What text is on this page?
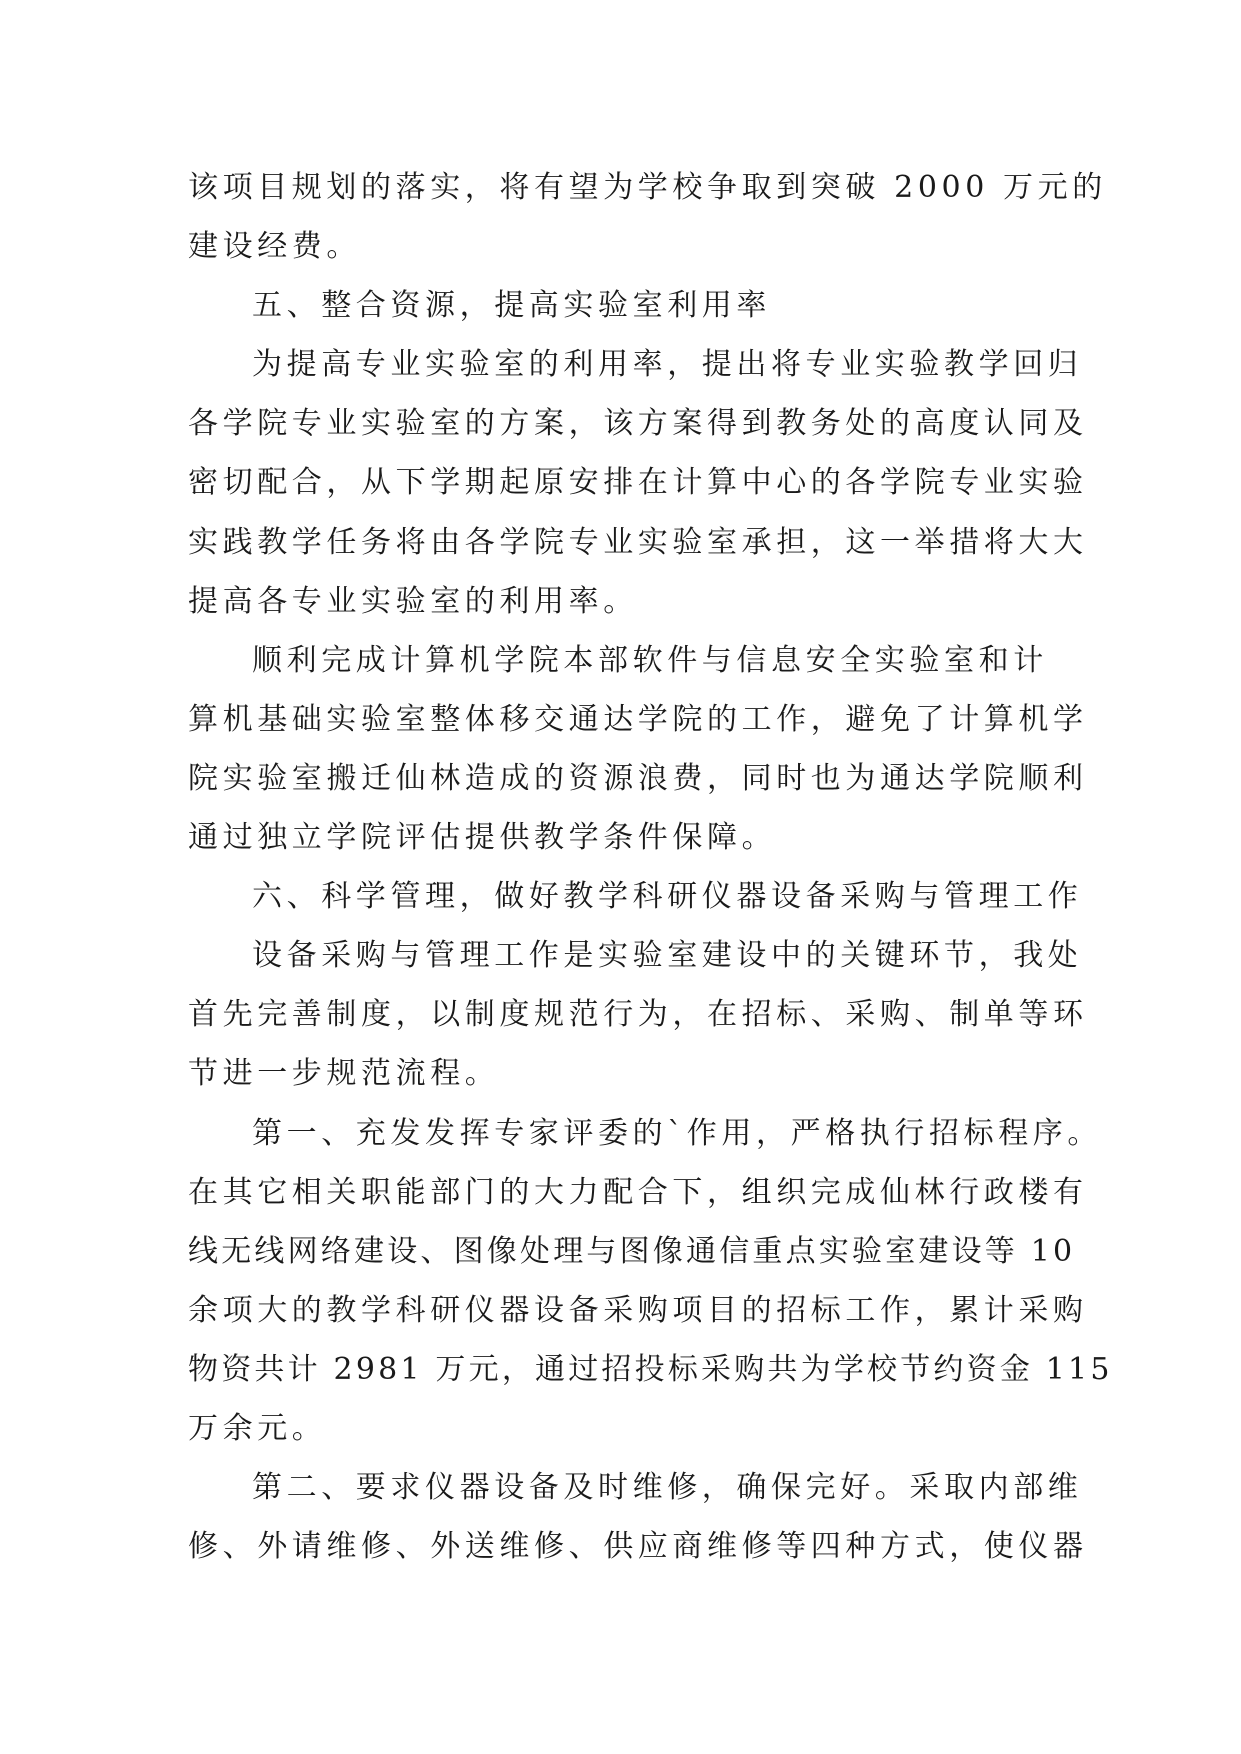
该项目规划的落实，将有望为学校争取到突破 2000 万元的
建设经费。
五、整合资源，提高实验室利用率
为提高专业实验室的利用率，提出将专业实验教学回归
各学院专业实验室的方案，该方案得到教务处的高度认同及
密切配合，从下学期起原安排在计算中心的各学院专业实验
实践教学任务将由各学院专业实验室承担，这一举措将大大
提高各专业实验室的利用率。
顺利完成计算机学院本部软件与信息安全实验室和计
算机基础实验室整体移交通达学院的工作，避免了计算机学
院实验室搬迁仙林造成的资源浪费，同时也为通达学院顺利
通过独立学院评估提供教学条件保障。
六、科学管理，做好教学科研仪器设备采购与管理工作
设备采购与管理工作是实验室建设中的关键环节，我处
首先完善制度，以制度规范行为，在招标、采购、制单等环
节进一步规范流程。
第一、充发发挥专家评委的`作用，严格执行招标程序。
在其它相关职能部门的大力配合下，组织完成仙林行政楼有
线无线网络建设、图像处理与图像通信重点实验室建设等 10
余项大的教学科研仪器设备采购项目的招标工作，累计采购
物资共计 2981 万元，通过招投标采购共为学校节约资金 115
万余元。
第二、要求仪器设备及时维修，确保完好。采取内部维
修、外请维修、外送维修、供应商维修等四种方式，使仪器
